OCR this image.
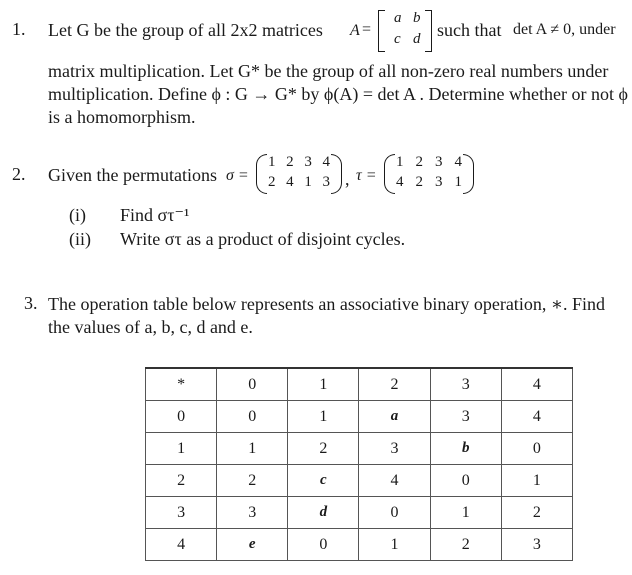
1. Let G be the group of all 2x2 matrices A =
a b
c d such that det A ≠ 0, under
matrix multiplication. Let G* be the group of all non-zero real numbers under
multiplication. Define ϕ : G → G* by ϕ(A) = det A . Determine whether or not ϕ
is a homomorphism.
2. Given the permutations σ =
1 2 3 4
2 4 1 3 , τ =
1 2 3 4
4 2 3 1
(i) Find στ⁻¹
(ii) Write στ as a product of disjoint cycles.
3. The operation table below represents an associative binary operation, ∗. Find
the values of a, b, c, d and e.
*	0	1	2	3	4
0	0	1	a	3	4
1	1	2	3	b	0
2	2	c	4	0	1
3	3	d	0	1	2
4	e	0	1	2	3
